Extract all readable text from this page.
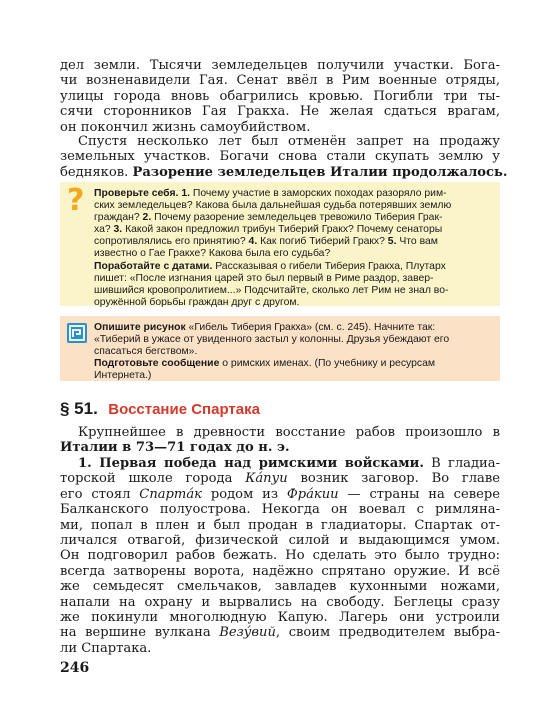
дел земли. Тысячи земледельцев получили участки. Бога-
чи возненавидели Гая. Сенат ввёл в Рим военные отряды,
улицы города вновь обагрились кровью. Погибли три ты-
сячи сторонников Гая Гракха. Не желая сдаться врагам,
он покончил жизнь самоубийством.
Спустя несколько лет был отменён запрет на продажу
земельных участков. Богачи снова стали скупать землю у
бедняков. Разорение земледельцев Италии продолжалось.
? Проверьте себя. 1. Почему участие в заморских походах разоряло рим-
ских земледельцев? Какова была дальнейшая судьба потерявших землю
граждан? 2. Почему разорение земледельцев тревожило Тиберия Грак-
ха? 3. Какой закон предложил трибун Тиберий Гракх? Почему сенаторы
сопротивлялись его принятию? 4. Как погиб Тиберий Гракх? 5. Что вам
известно о Гае Гракхе? Какова была его судьба?
Поработайте с датами. Рассказывая о гибели Тиберия Гракха, Плутарх
пишет: «После изгнания царей это был первый в Риме раздор, завер-
шившийся кровопролитием...» Подсчитайте, сколько лет Рим не знал во-
оружённой борьбы граждан друг с другом.
Опишите рисунок «Гибель Тиберия Гракха» (см. с. 245). Начните так:
«Тиберий в ужасе от увиденного застыл у колонны. Друзья убеждают его
спасаться бегством».
Подготовьте сообщение о римских именах. (По учебнику и ресурсам
Интернета.)
§ 51. Восстание Спартака
Крупнейшее в древности восстание рабов произошло в
Италии в 73—71 годах до н. э.
1. Первая победа над римскими войсками. В гладиа-
торской школе города Ка́пуи возник заговор. Во главе
его стоял Спарта́к родом из Фра́кии — страны на севере
Балканского полуострова. Некогда он воевал с римляна-
ми, попал в плен и был продан в гладиаторы. Спартак от-
личался отвагой, физической силой и выдающимся умом.
Он подговорил рабов бежать. Но сделать это было трудно:
всегда затворены ворота, надёжно спрятано оружие. И всё
же семьдесят смельчаков, завладев кухонными ножами,
напали на охрану и вырвались на свободу. Беглецы сразу
же покинули многолюдную Капую. Лагерь они устроили
на вершине вулкана Везу́вий, своим предводителем выбра-
ли Спартака.
246
